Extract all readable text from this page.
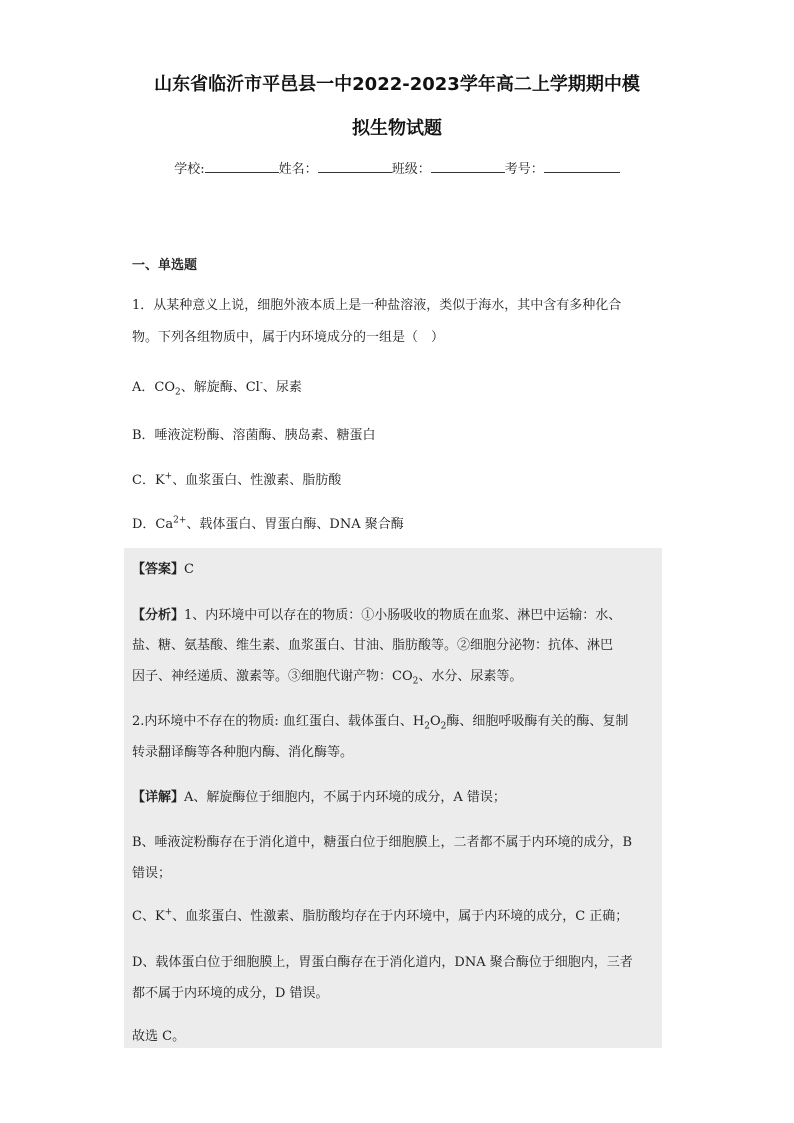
山东省临沂市平邑县一中2022-2023学年高二上学期期中模
拟生物试题
学校:	姓名：	班级：	考号：
一、单选题
1．从某种意义上说，细胞外液本质上是一种盐溶液，类似于海水，其中含有多种化合
物。下列各组物质中，属于内环境成分的一组是（　）
A．$CO_2$、解旋酶、Cl-、尿素
B．唾液淀粉酶、溶菌酶、胰岛素、糖蛋白
C．K+、血浆蛋白、性激素、脂肪酸
D．$Ca^{2+}$、载体蛋白、胃蛋白酶、DNA 聚合酶
【答案】C
【分析】1、内环境中可以存在的物质：①小肠吸收的物质在血浆、淋巴中运输：水、
盐、糖、氨基酸、维生素、血浆蛋白、甘油、脂肪酸等。②细胞分泌物：抗体、淋巴
因子、神经递质、激素等。③细胞代谢产物：$CO_2$、水分、尿素等。
2.内环境中不存在的物质: 血红蛋白、载体蛋白、$H_2O_2$酶、细胞呼吸酶有关的酶、复制
转录翻译酶等各种胞内酶、消化酶等。
【详解】A、解旋酶位于细胞内，不属于内环境的成分，A 错误；
B、唾液淀粉酶存在于消化道中，糖蛋白位于细胞膜上，二者都不属于内环境的成分，B
错误；
C、K+、血浆蛋白、性激素、脂肪酸均存在于内环境中，属于内环境的成分，C 正确；
D、载体蛋白位于细胞膜上，胃蛋白酶存在于消化道内，DNA 聚合酶位于细胞内，三者
都不属于内环境的成分，D 错误。
故选 C。
